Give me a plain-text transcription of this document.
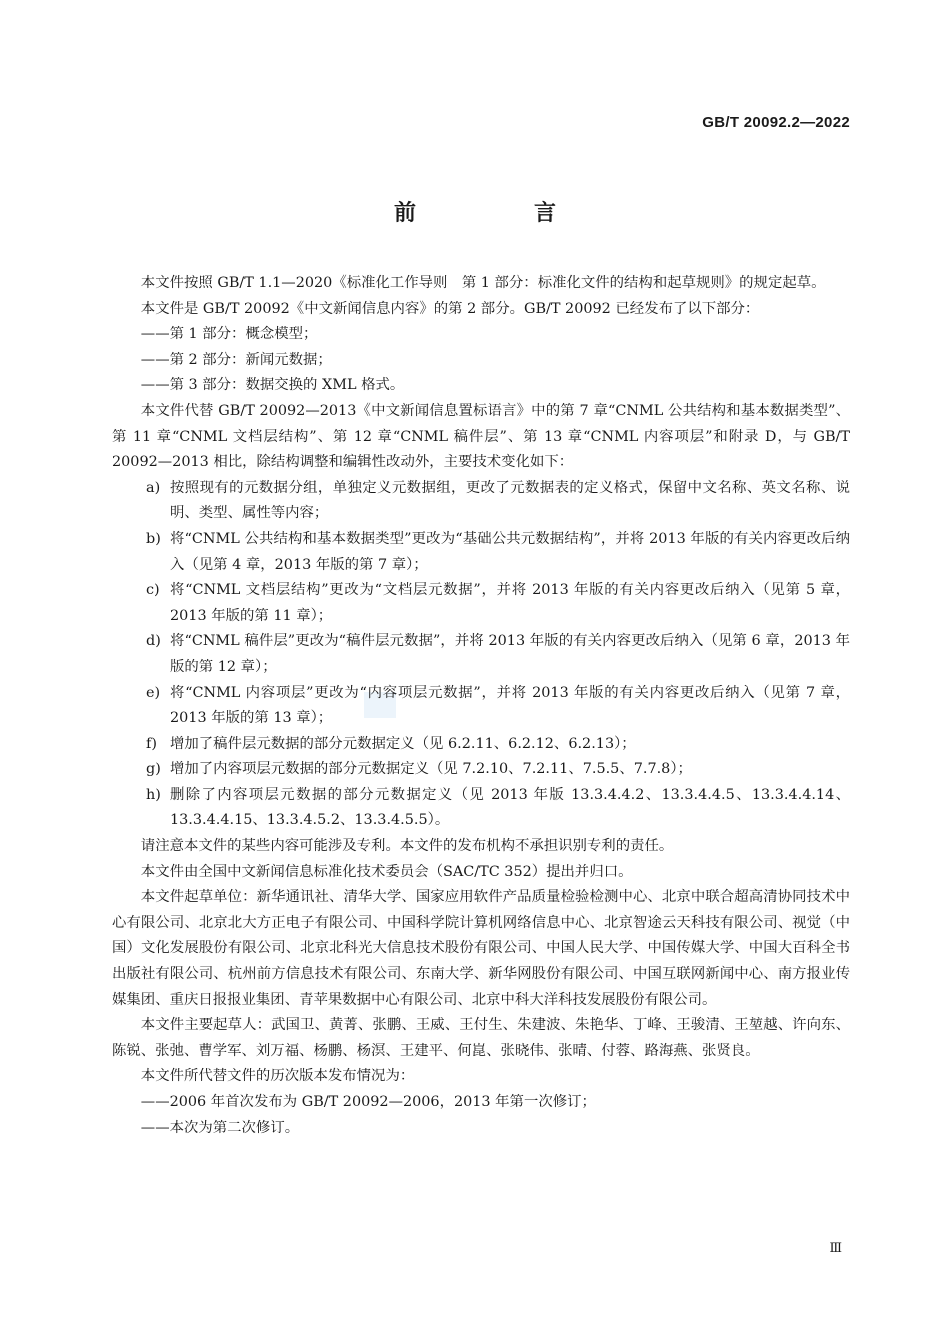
GB/T 20092.2—2022
前　言

本文件按照 GB/T 1.1—2020《标准化工作导则　第 1 部分：标准化文件的结构和起草规则》的规定起草。

本文件是 GB/T 20092《中文新闻信息内容》的第 2 部分。GB/T 20092 已经发布了以下部分：

——第 1 部分：概念模型；

——第 2 部分：新闻元数据；

——第 3 部分：数据交换的 XML 格式。

本文件代替 GB/T 20092—2013《中文新闻信息置标语言》中的第 7 章“CNML 公共结构和基本数据类型”、第 11 章“CNML 文档层结构”、第 12 章“CNML 稿件层”、第 13 章“CNML 内容项层”和附录 D，与 GB/T 20092—2013 相比，除结构调整和编辑性改动外，主要技术变化如下：

a) 按照现有的元数据分组，单独定义元数据组，更改了元数据表的定义格式，保留中文名称、英文名称、说明、类型、属性等内容；
b) 将“CNML 公共结构和基本数据类型”更改为“基础公共元数据结构”，并将 2013 年版的有关内容更改后纳入（见第 4 章，2013 年版的第 7 章）；
c) 将“CNML 文档层结构”更改为“文档层元数据”，并将 2013 年版的有关内容更改后纳入（见第 5 章，2013 年版的第 11 章）；
d) 将“CNML 稿件层”更改为“稿件层元数据”，并将 2013 年版的有关内容更改后纳入（见第 6 章，2013 年版的第 12 章）；
e) 将“CNML 内容项层”更改为“内容项层元数据”，并将 2013 年版的有关内容更改后纳入（见第 7 章，2013 年版的第 13 章）；
f) 增加了稿件层元数据的部分元数据定义（见 6.2.11、6.2.12、6.2.13）；
g) 增加了内容项层元数据的部分元数据定义（见 7.2.10、7.2.11、7.5.5、7.7.8）；
h) 删除了内容项层元数据的部分元数据定义（见 2013 年版 13.3.4.4.2、13.3.4.4.5、13.3.4.4.14、13.3.4.4.15、13.3.4.5.2、13.3.4.5.5）。

请注意本文件的某些内容可能涉及专利。本文件的发布机构不承担识别专利的责任。

本文件由全国中文新闻信息标准化技术委员会（SAC/TC 352）提出并归口。

本文件起草单位：新华通讯社、清华大学、国家应用软件产品质量检验检测中心、北京中联合超高清协同技术中心有限公司、北京北大方正电子有限公司、中国科学院计算机网络信息中心、北京智途云天科技有限公司、视觉（中国）文化发展股份有限公司、北京北科光大信息技术股份有限公司、中国人民大学、中国传媒大学、中国大百科全书出版社有限公司、杭州前方信息技术有限公司、东南大学、新华网股份有限公司、中国互联网新闻中心、南方报业传媒集团、重庆日报报业集团、青苹果数据中心有限公司、北京中科大洋科技发展股份有限公司。

本文件主要起草人：武国卫、黄菁、张鹏、王威、王付生、朱建波、朱艳华、丁峰、王骏清、王堃越、许向东、陈锐、张弛、曹学军、刘万福、杨鹏、杨溟、王建平、何崑、张晓伟、张晴、付蓉、路海燕、张贤良。

本文件所代替文件的历次版本发布情况为：

——2006 年首次发布为 GB/T 20092—2006，2013 年第一次修订；

——本次为第二次修订。

Ⅲ
